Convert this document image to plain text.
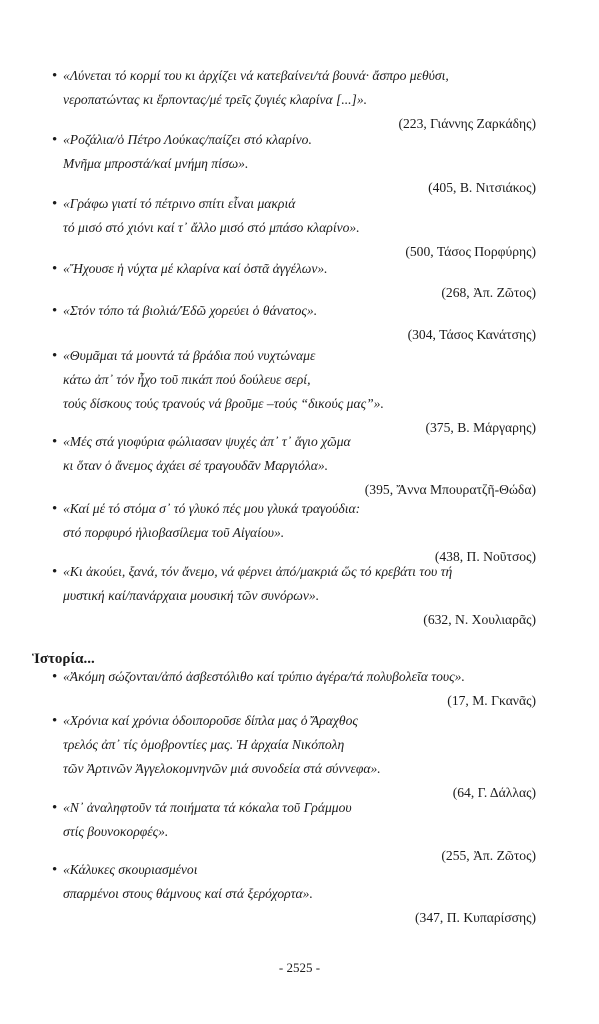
• «Λύνεται τό κορμί του κι ἀρχίζει νά κατεβαίνει/τά βουνά· ἄσπρο μεθύσι,
νεροπατώντας κι ἕρποντας/μέ τρεῖς ζυγιές κλαρίνα [...]».
(223, Γιάννης Ζαρκάδης)
• «Ροζάλια/ὁ Πέτρο Λούκας/παίζει στό κλαρίνο.
Μνῆμα μπροστά/καί μνήμη πίσω».
(405, Β. Νιτσιάκος)
• «Γράφω γιατί τό πέτρινο σπίτι εἶναι μακριά
τό μισό στό χιόνι καί τ᾽ ἄλλο μισό στό μπάσο κλαρίνο».
(500, Τάσος Πορφύρης)
• «Ἤχουσε ἡ νύχτα μέ κλαρίνα καί ὀστᾶ ἀγγέλων».
(268, Ἀπ. Ζῶτος)
• «Στόν τόπο τά βιολιά/Ἐδῶ χορεύει ὁ θάνατος».
(304, Τάσος Κανάτσης)
• «Θυμᾶμαι τά μουντά τά βράδια πού νυχτώναμε
κάτω ἀπ᾽ τόν ἦχο τοῦ πικάπ πού δούλευε σερί,
τούς δίσκους τούς τρανούς νά βροῦμε –τούς “δικούς μας”».
(375, Β. Μάργαρης)
• «Μές στά γιοφύρια φώλιασαν ψυχές ἀπ᾽ τ᾽ ἅγιο χῶμα
κι ὅταν ὁ ἄνεμος ἀχάει σέ τραγουδᾶν Μαργιόλα».
(395, Ἄννα Μπουρατζῆ-Θώδα)
• «Καί μέ τό στόμα σ᾽ τό γλυκό πές μου γλυκά τραγούδια:
στό πορφυρό ἡλιοβασίλεμα τοῦ Αἰγαίου».
(438, Π. Νοῦτσος)
• «Κι ἀκούει, ξανά, τόν ἄνεμο, νά φέρνει ἀπό/μακριά ὥς τό κρεβάτι του τή
μυστική καί/πανάρχαια μουσική τῶν συνόρων».
(632, Ν. Χουλιαρᾶς)
Ἱστορία...
• «Ἀκόμη σώζονται/ἀπό ἀσβεστόλιθο καί τρύπιο ἀγέρα/τά πολυβολεῖα τους».
(17, Μ. Γκανᾶς)
• «Χρόνια καί χρόνια ὁδοιποροῦσε δίπλα μας ὁ Ἄραχθος
τρελός ἀπ᾽ τίς ὁμοβροντίες μας. Ἡ ἀρχαία Νικόπολη
τῶν Ἀρτινῶν Ἀγγελοκομνηνῶν μιά συνοδεία στά σύννεφα».
(64, Γ. Δάλλας)
• «Ν᾽ ἀναληφτοῦν τά ποιήματα τά κόκαλα τοῦ Γράμμου
στίς βουνοκορφές».
(255, Ἀπ. Ζῶτος)
• «Κάλυκες σκουριασμένοι
σπαρμένοι στους θάμνους καί στά ξερόχορτα».
(347, Π. Κυπαρίσσης)
- 2525 -
